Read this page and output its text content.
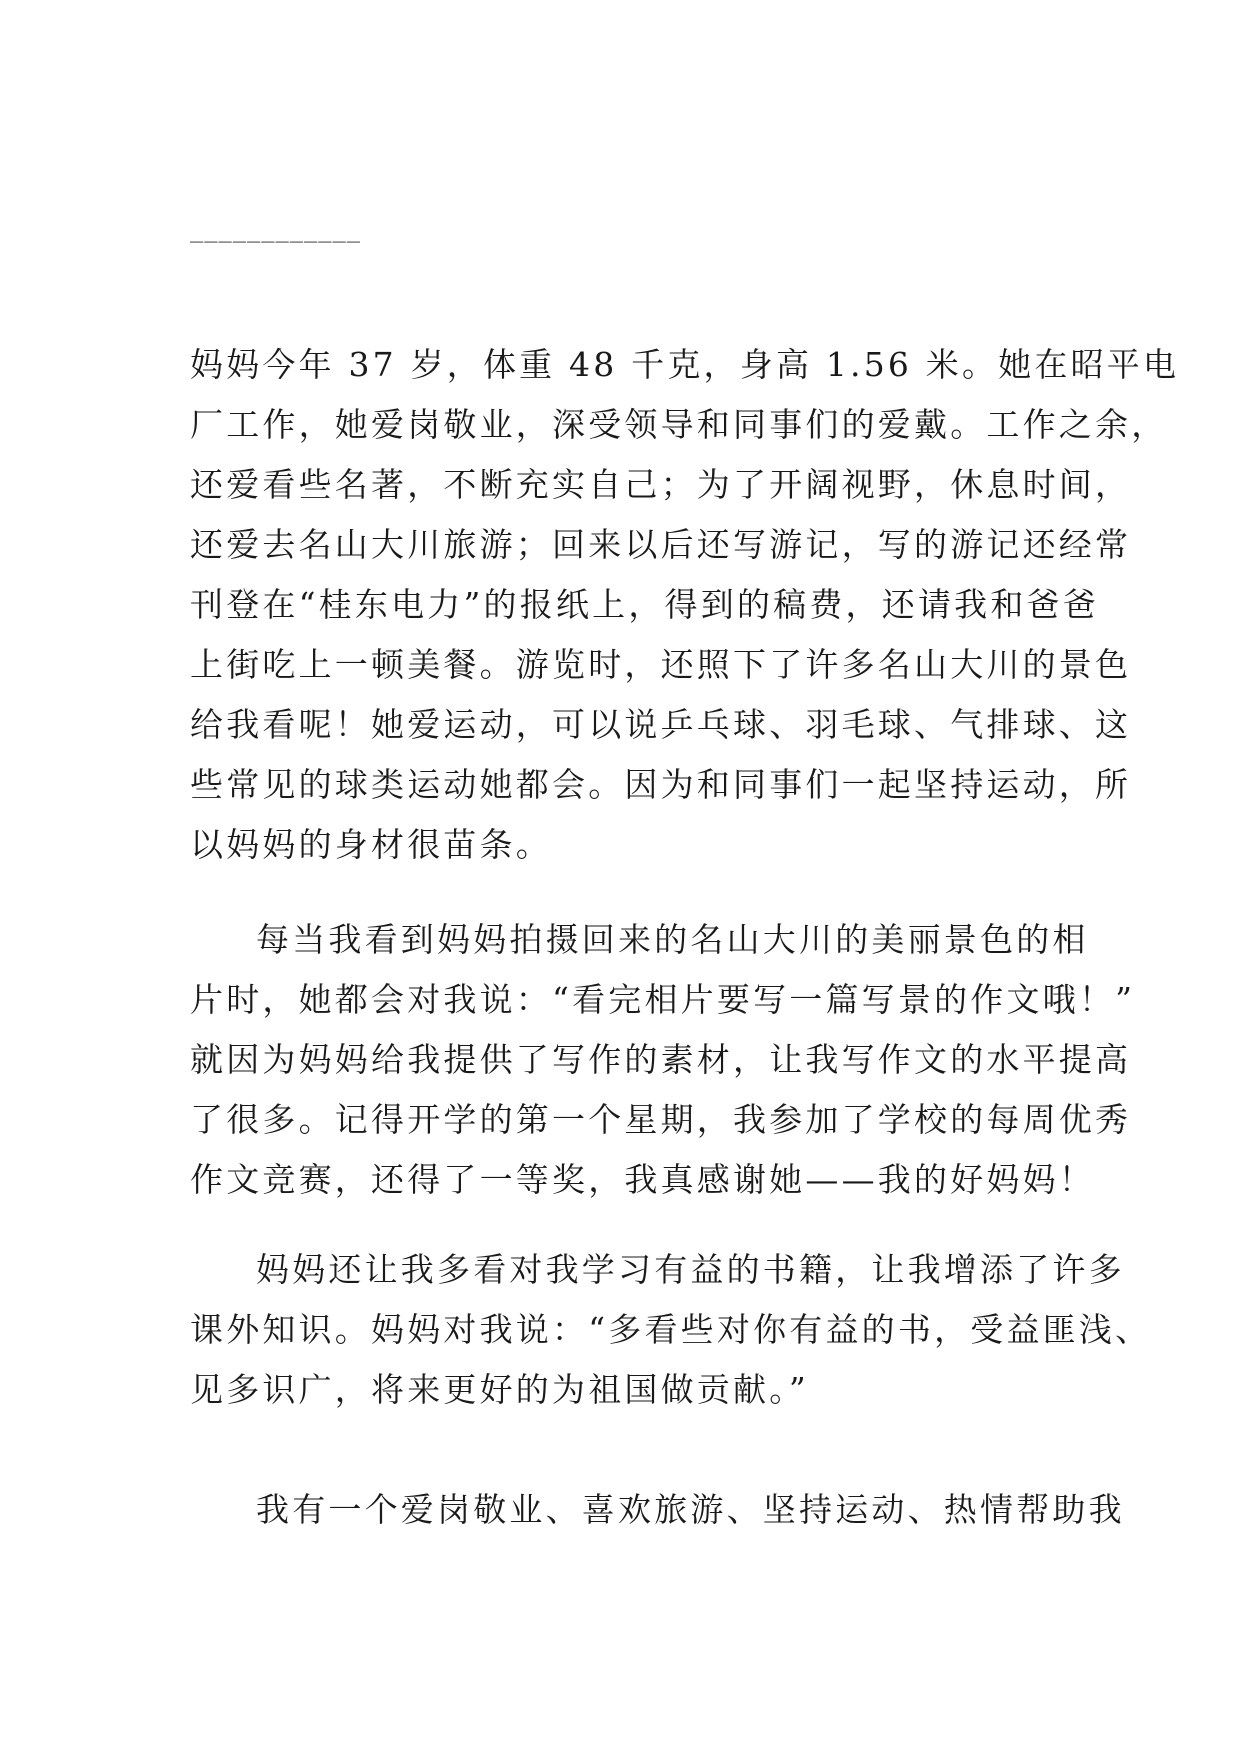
____________
妈妈今年 37 岁，体重 48 千克，身高 1.56 米。她在昭平电
厂工作，她爱岗敬业，深受领导和同事们的爱戴。工作之余，
还爱看些名著，不断充实自己；为了开阔视野，休息时间，
还爱去名山大川旅游；回来以后还写游记，写的游记还经常
刊登在“桂东电力”的报纸上，得到的稿费，还请我和爸爸
上街吃上一顿美餐。游览时，还照下了许多名山大川的景色
给我看呢！她爱运动，可以说乒乓球、羽毛球、气排球、这
些常见的球类运动她都会。因为和同事们一起坚持运动，所
以妈妈的身材很苗条。
每当我看到妈妈拍摄回来的名山大川的美丽景色的相
片时，她都会对我说：“看完相片要写一篇写景的作文哦！”
就因为妈妈给我提供了写作的素材，让我写作文的水平提高
了很多。记得开学的第一个星期，我参加了学校的每周优秀
作文竞赛，还得了一等奖，我真感谢她——我的好妈妈！
妈妈还让我多看对我学习有益的书籍，让我增添了许多
课外知识。妈妈对我说：“多看些对你有益的书，受益匪浅、
见多识广，将来更好的为祖国做贡献。”
我有一个爱岗敬业、喜欢旅游、坚持运动、热情帮助我
